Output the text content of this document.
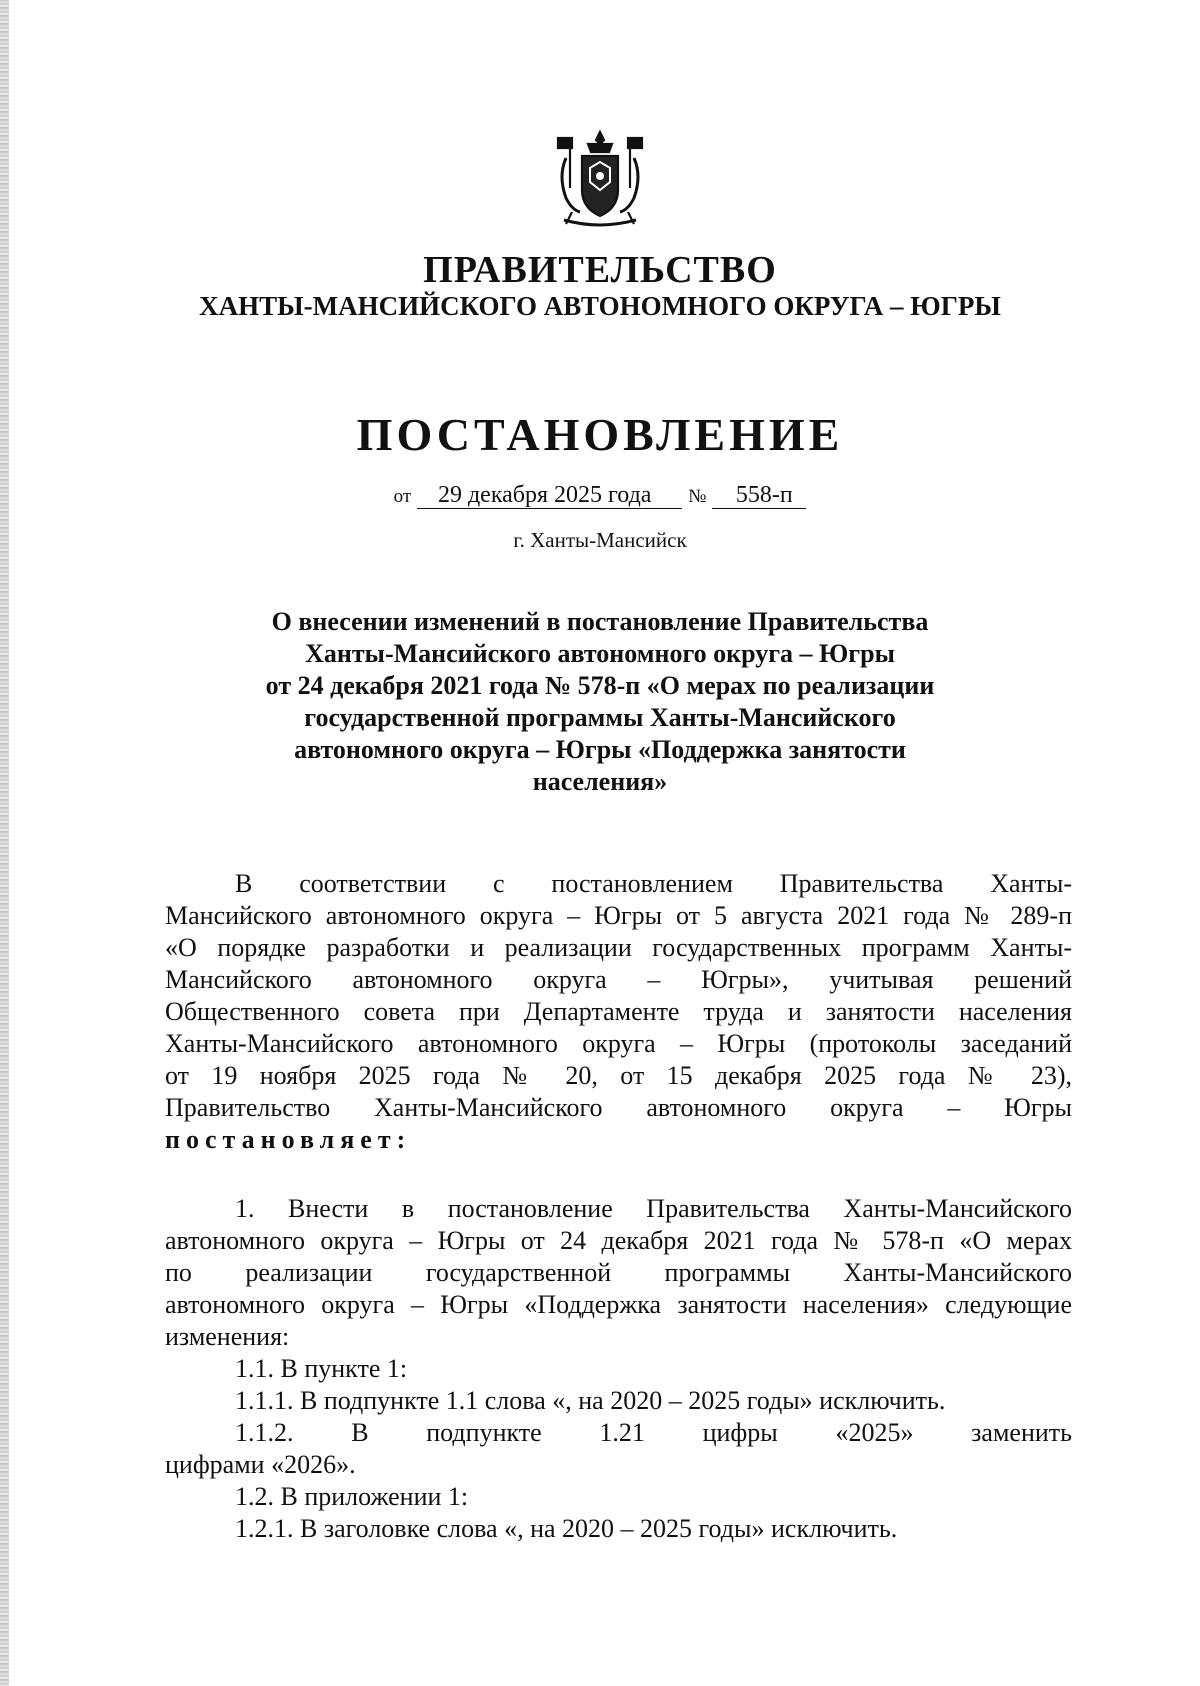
ПРАВИТЕЛЬСТВО
ХАНТЫ-МАНСИЙСКОГО АВТОНОМНОГО ОКРУГА – ЮГРЫ
ПОСТАНОВЛЕНИЕ
от 29 декабря 2025 года № 558-п
г. Ханты-Мансийск
О внесении изменений в постановление Правительства
Ханты-Мансийского автономного округа – Югры
от 24 декабря 2021 года № 578-п «О мерах по реализации
государственной программы Ханты-Мансийского
автономного округа – Югры «Поддержка занятости
населения»
В соответствии с постановлением Правительства Ханты-
Мансийского автономного округа – Югры от 5 августа 2021 года № 289-п
«О порядке разработки и реализации государственных программ Ханты-
Мансийского автономного округа – Югры», учитывая решений
Общественного совета при Департаменте труда и занятости населения
Ханты-Мансийского автономного округа – Югры (протоколы заседаний
от 19 ноября 2025 года № 20, от 15 декабря 2025 года № 23),
Правительство Ханты-Мансийского автономного округа – Югры
постановляет:
1. Внести в постановление Правительства Ханты-Мансийского
автономного округа – Югры от 24 декабря 2021 года № 578-п «О мерах
по реализации государственной программы Ханты-Мансийского
автономного округа – Югры «Поддержка занятости населения» следующие
изменения:
1.1. В пункте 1:
1.1.1. В подпункте 1.1 слова «, на 2020 – 2025 годы» исключить.
1.1.2. В подпункте 1.21 цифры «2025» заменить
цифрами «2026».
1.2. В приложении 1:
1.2.1. В заголовке слова «, на 2020 – 2025 годы» исключить.
